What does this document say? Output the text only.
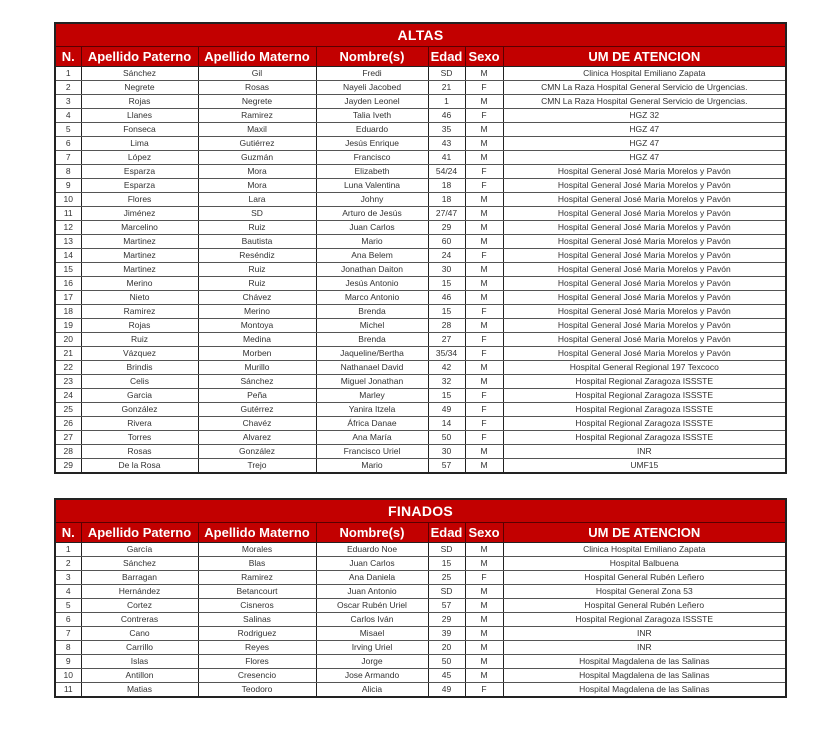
ALTAS						
N.	Apellido Paterno	Apellido Materno	Nombre(s)	Edad	Sexo	UM DE ATENCION
1	Sánchez	Gil	Fredi	SD	M	Clinica Hospital Emiliano Zapata
2	Negrete	Rosas	Nayeli Jacobed	21	F	CMN La Raza Hospital General Servicio de Urgencias.
3	Rojas	Negrete	Jayden Leonel	1	M	CMN La Raza Hospital General Servicio de Urgencias.
4	Llanes	Ramirez	Talia Iveth	46	F	HGZ 32
5	Fonseca	Maxil	Eduardo	35	M	HGZ 47
6	Lima	Gutiérrez	Jesús Enrique	43	M	HGZ 47
7	López	Guzmán	Francisco	41	M	HGZ 47
8	Esparza	Mora	Elizabeth	54/24	F	Hospital General José Maria Morelos y Pavón
9	Esparza	Mora	Luna Valentina	18	F	Hospital General José Maria Morelos y Pavón
10	Flores	Lara	Johny	18	M	Hospital General José Maria Morelos y Pavón
11	Jiménez	SD	Arturo de Jesús	27/47	M	Hospital General José Maria Morelos y Pavón
12	Marcelino	Ruiz	Juan Carlos	29	M	Hospital General José Maria Morelos y Pavón
13	Martinez	Bautista	Mario	60	M	Hospital General José Maria Morelos y Pavón
14	Martinez	Reséndiz	Ana Belem	24	F	Hospital General José Maria Morelos y Pavón
15	Martinez	Ruiz	Jonathan Daiton	30	M	Hospital General José Maria Morelos y Pavón
16	Merino	Ruiz	Jesús Antonio	15	M	Hospital General José Maria Morelos y Pavón
17	Nieto	Chávez	Marco Antonio	46	M	Hospital General José Maria Morelos y Pavón
18	Ramirez	Merino	Brenda	15	F	Hospital General José Maria Morelos y Pavón
19	Rojas	Montoya	Michel	28	M	Hospital General José Maria Morelos y Pavón
20	Ruiz	Medina	Brenda	27	F	Hospital General José Maria Morelos y Pavón
21	Vázquez	Morben	Jaqueline/Bertha	35/34	F	Hospital General José Maria Morelos y Pavón
22	Brindis	Murillo	Nathanael David	42	M	Hospital General Regional 197 Texcoco
23	Celis	Sánchez	Miguel Jonathan	32	M	Hospital Regional Zaragoza ISSSTE
24	Garcia	Peña	Marley	15	F	Hospital Regional Zaragoza ISSSTE
25	González	Gutérrez	Yanira Itzela	49	F	Hospital Regional Zaragoza ISSSTE
26	Rivera	Chavéz	África Danae	14	F	Hospital Regional Zaragoza ISSSTE
27	Torres	Alvarez	Ana María	50	F	Hospital Regional Zaragoza ISSSTE
28	Rosas	González	Francisco Uriel	30	M	INR
29	De la Rosa	Trejo	Mario	57	M	UMF15
FINADOS						
N.	Apellido Paterno	Apellido Materno	Nombre(s)	Edad	Sexo	UM DE ATENCION
1	García	Morales	Eduardo Noe	SD	M	Clinica Hospital Emiliano Zapata
2	Sánchez	Blas	Juan Carlos	15	M	Hospital Balbuena
3	Barragan	Ramirez	Ana Daniela	25	F	Hospital General Rubén Leñero
4	Hernández	Betancourt	Juan Antonio	SD	M	Hospital General Zona 53
5	Cortez	Cisneros	Oscar Rubén Uriel	57	M	Hospital General Rubén Leñero
6	Contreras	Salinas	Carlos Iván	29	M	Hospital Regional Zaragoza ISSSTE
7	Cano	Rodriguez	Misael	39	M	INR
8	Carrillo	Reyes	Irving Uriel	20	M	INR
9	Islas	Flores	Jorge	50	M	Hospital Magdalena de las Salinas
10	Antillon	Cresencio	Jose Armando	45	M	Hospital Magdalena de las Salinas
11	Matias	Teodoro	Alicia	49	F	Hospital Magdalena de las Salinas
